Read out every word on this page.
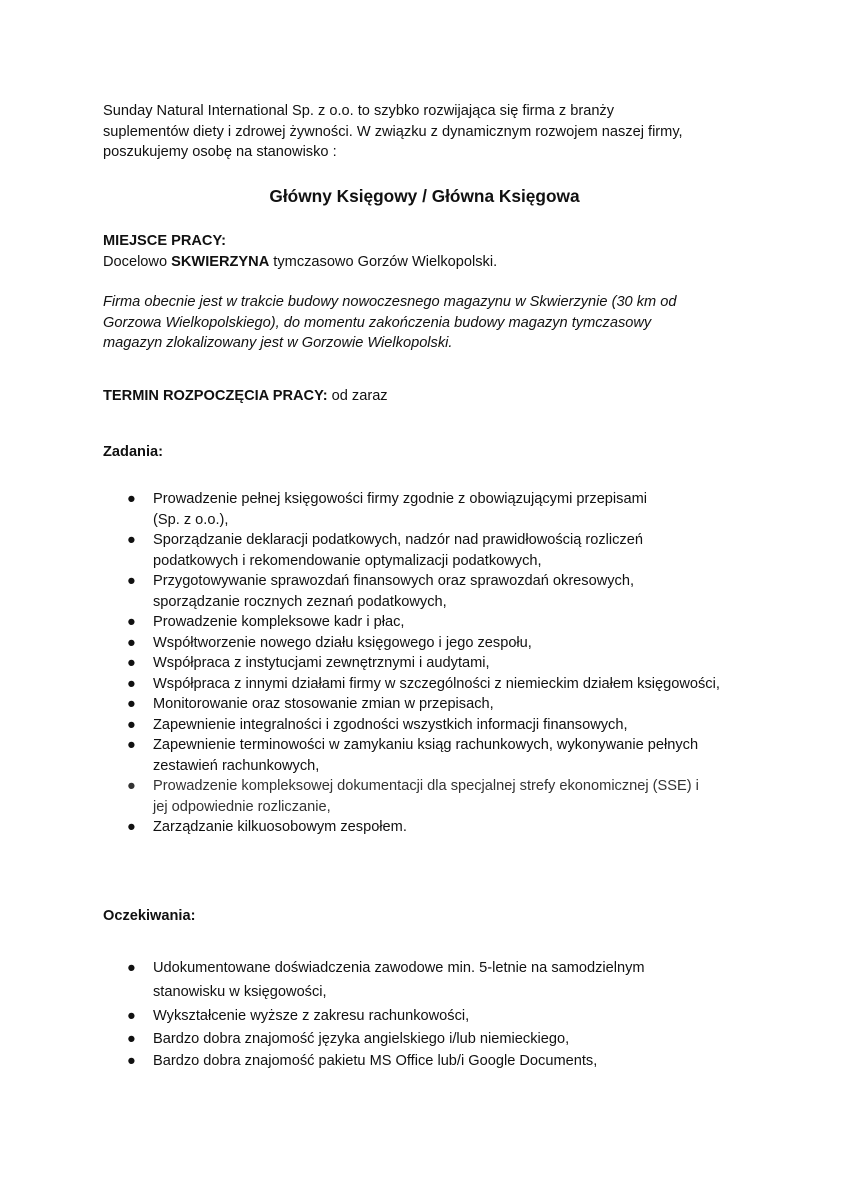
Sunday Natural International Sp. z o.o. to szybko rozwijająca się firma z branży
suplementów diety i zdrowej żywności. W związku z dynamicznym rozwojem naszej firmy,
poszukujemy osobę na stanowisko :
Główny Księgowy / Główna Księgowa
MIEJSCE PRACY:
Docelowo SKWIERZYNA tymczasowo Gorzów Wielkopolski.
Firma obecnie jest w trakcie budowy nowoczesnego magazynu w Skwierzynie (30 km od
Gorzowa Wielkopolskiego), do momentu zakończenia budowy magazyn tymczasowy
magazyn zlokalizowany jest w Gorzowie Wielkopolski.
TERMIN ROZPOCZĘCIA PRACY: od zaraz
Zadania:
● Prowadzenie pełnej księgowości firmy zgodnie z obowiązującymi przepisami
(Sp. z o.o.),
● Sporządzanie deklaracji podatkowych, nadzór nad prawidłowością rozliczeń
podatkowych i rekomendowanie optymalizacji podatkowych,
● Przygotowywanie sprawozdań finansowych oraz sprawozdań okresowych,
sporządzanie rocznych zeznań podatkowych,
● Prowadzenie kompleksowe kadr i płac,
● Współtworzenie nowego działu księgowego i jego zespołu,
● Współpraca z instytucjami zewnętrznymi i audytami,
● Współpraca z innymi działami firmy w szczególności z niemieckim działem księgowości,
● Monitorowanie oraz stosowanie zmian w przepisach,
● Zapewnienie integralności i zgodności wszystkich informacji finansowych,
● Zapewnienie terminowości w zamykaniu ksiąg rachunkowych, wykonywanie pełnych
zestawień rachunkowych,
● Prowadzenie kompleksowej dokumentacji dla specjalnej strefy ekonomicznej (SSE) i
jej odpowiednie rozliczanie,
● Zarządzanie kilkuosobowym zespołem.
Oczekiwania:
● Udokumentowane doświadczenia zawodowe min. 5-letnie na samodzielnym
stanowisku w księgowości,
● Wykształcenie wyższe z zakresu rachunkowości,
● Bardzo dobra znajomość języka angielskiego i/lub niemieckiego,
● Bardzo dobra znajomość pakietu MS Office lub/i Google Documents,
